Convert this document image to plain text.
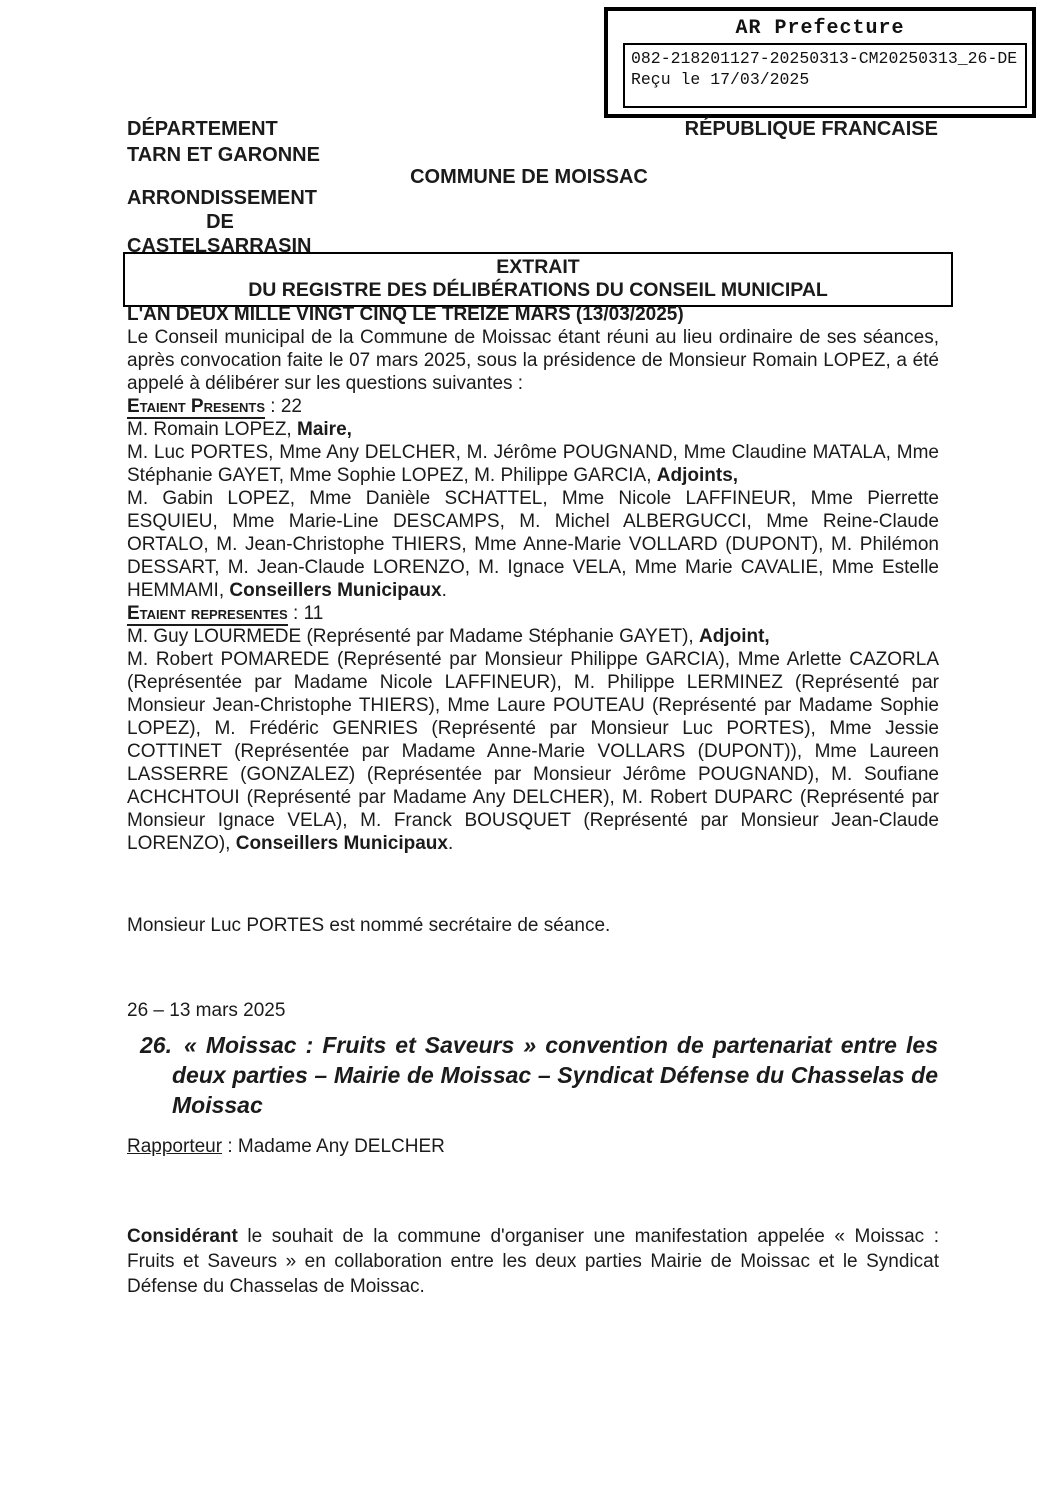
AR Prefecture
082-218201127-20250313-CM20250313_26-DE
Reçu le 17/03/2025
DÉPARTEMENT
TARN ET GARONNE
RÉPUBLIQUE FRANCAISE
COMMUNE DE MOISSAC
ARRONDISSEMENT
DE
CASTELSARRASIN
EXTRAIT
DU REGISTRE DES DÉLIBÉRATIONS DU CONSEIL MUNICIPAL

L'AN DEUX MILLE VINGT CINQ LE TREIZE MARS (13/03/2025)

Le Conseil municipal de la Commune de Moissac étant réuni au lieu ordinaire de ses séances, après convocation faite le 07 mars 2025, sous la présidence de Monsieur Romain LOPEZ, a été appelé à délibérer sur les questions suivantes :

Etaient Presents : 22

M. Romain LOPEZ, Maire,

M. Luc PORTES, Mme Any DELCHER, M. Jérôme POUGNAND, Mme Claudine MATALA, Mme Stéphanie GAYET, Mme Sophie LOPEZ, M. Philippe GARCIA, Adjoints,

M. Gabin LOPEZ, Mme Danièle SCHATTEL, Mme Nicole LAFFINEUR, Mme Pierrette ESQUIEU, Mme Marie-Line DESCAMPS, M. Michel ALBERGUCCI, Mme Reine-Claude ORTALO, M. Jean-Christophe THIERS, Mme Anne-Marie VOLLARD (DUPONT), M. Philémon DESSART, M. Jean-Claude LORENZO, M. Ignace VELA, Mme Marie CAVALIE, Mme Estelle HEMMAMI, Conseillers Municipaux.

Etaient representes : 11

M. Guy LOURMEDE (Représenté par Madame Stéphanie GAYET), Adjoint,

M. Robert POMAREDE (Représenté par Monsieur Philippe GARCIA), Mme Arlette CAZORLA (Représentée par Madame Nicole LAFFINEUR), M. Philippe LERMINEZ (Représenté par Monsieur Jean-Christophe THIERS), Mme Laure POUTEAU (Représenté par Madame Sophie LOPEZ), M. Frédéric GENRIES (Représenté par Monsieur Luc PORTES), Mme Jessie COTTINET (Représentée par Madame Anne-Marie VOLLARS (DUPONT)), Mme Laureen LASSERRE (GONZALEZ) (Représentée par Monsieur Jérôme POUGNAND), M. Soufiane ACHCHTOUI (Représenté par Madame Any DELCHER), M. Robert DUPARC (Représenté par Monsieur Ignace VELA), M. Franck BOUSQUET (Représenté par Monsieur Jean-Claude LORENZO), Conseillers Municipaux.

Monsieur Luc PORTES est nommé secrétaire de séance.
26 – 13 mars 2025
26. « Moissac : Fruits et Saveurs » convention de partenariat entre les deux parties – Mairie de Moissac – Syndicat Défense du Chasselas de Moissac
Rapporteur : Madame Any DELCHER
Considérant le souhait de la commune d'organiser une manifestation appelée « Moissac : Fruits et Saveurs » en collaboration entre les deux parties Mairie de Moissac et le Syndicat Défense du Chasselas de Moissac.
